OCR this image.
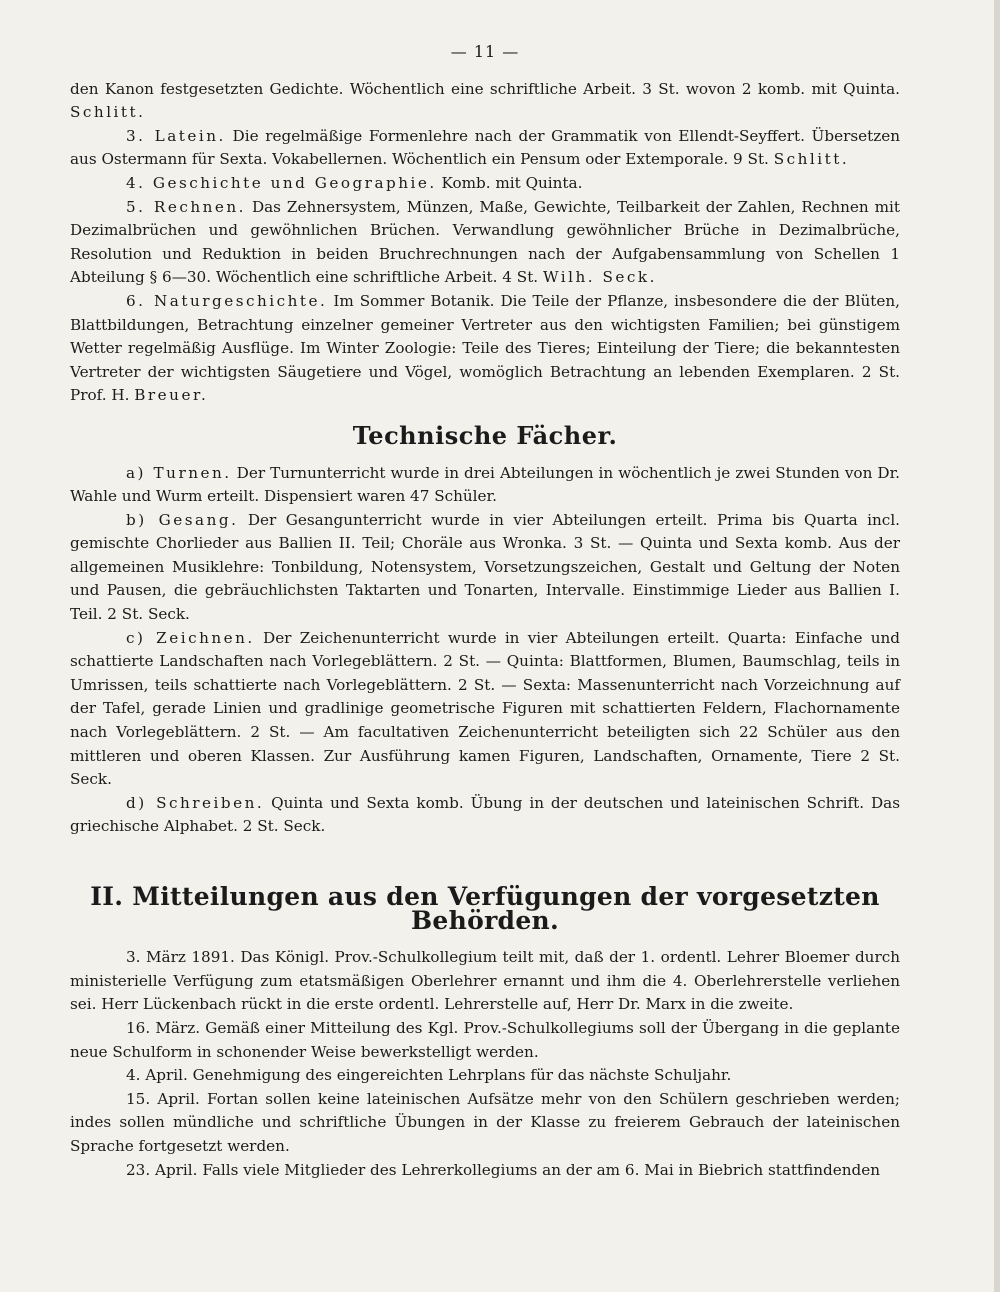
— 11 —

den Kanon festgesetzten Gedichte. Wöchentlich eine schriftliche Arbeit. 3 St. wovon 2 komb. mit Quinta. Schlitt.

3. Latein. Die regelmäßige Formenlehre nach der Grammatik von Ellendt-Seyffert. Übersetzen aus Ostermann für Sexta. Vokabellernen. Wöchentlich ein Pensum oder Extemporale. 9 St. Schlitt.

4. Geschichte und Geographie. Komb. mit Quinta.

5. Rechnen. Das Zehnersystem, Münzen, Maße, Gewichte, Teilbarkeit der Zahlen, Rechnen mit Dezimalbrüchen und gewöhnlichen Brüchen. Verwandlung gewöhnlicher Brüche in Dezimalbrüche, Resolution und Reduktion in beiden Bruchrechnungen nach der Aufgabensammlung von Schellen 1 Abteilung § 6—30. Wöchentlich eine schriftliche Arbeit. 4 St. Wilh. Seck.

6. Naturgeschichte. Im Sommer Botanik. Die Teile der Pflanze, insbesondere die der Blüten, Blattbildungen, Betrachtung einzelner gemeiner Vertreter aus den wichtigsten Familien; bei günstigem Wetter regelmäßig Ausflüge. Im Winter Zoologie: Teile des Tieres; Einteilung der Tiere; die bekanntesten Vertreter der wichtigsten Säugetiere und Vögel, womöglich Betrachtung an lebenden Exemplaren. 2 St. Prof. H. Breuer.

Technische Fächer.

a) Turnen. Der Turnunterricht wurde in drei Abteilungen in wöchentlich je zwei Stunden von Dr. Wahle und Wurm erteilt. Dispensiert waren 47 Schüler.

b) Gesang. Der Gesangunterricht wurde in vier Abteilungen erteilt. Prima bis Quarta incl. gemischte Chorlieder aus Ballien II. Teil; Choräle aus Wronka. 3 St. — Quinta und Sexta komb. Aus der allgemeinen Musiklehre: Tonbildung, Notensystem, Vorsetzungszeichen, Gestalt und Geltung der Noten und Pausen, die gebräuchlichsten Taktarten und Tonarten, Intervalle. Einstimmige Lieder aus Ballien I. Teil. 2 St. Seck.

c) Zeichnen. Der Zeichenunterricht wurde in vier Abteilungen erteilt. Quarta: Einfache und schattierte Landschaften nach Vorlegeblättern. 2 St. — Quinta: Blattformen, Blumen, Baumschlag, teils in Umrissen, teils schattierte nach Vorlegeblättern. 2 St. — Sexta: Massenunterricht nach Vorzeichnung auf der Tafel, gerade Linien und gradlinige geometrische Figuren mit schattierten Feldern, Flachornamente nach Vorlegeblättern. 2 St. — Am facultativen Zeichenunterricht beteiligten sich 22 Schüler aus den mittleren und oberen Klassen. Zur Ausführung kamen Figuren, Landschaften, Ornamente, Tiere 2 St. Seck.

d) Schreiben. Quinta und Sexta komb. Übung in der deutschen und lateinischen Schrift. Das griechische Alphabet. 2 St. Seck.

II. Mitteilungen aus den Verfügungen der vorgesetzten Behörden.

3. März 1891. Das Königl. Prov.-Schulkollegium teilt mit, daß der 1. ordentl. Lehrer Bloemer durch ministerielle Verfügung zum etatsmäßigen Oberlehrer ernannt und ihm die 4. Oberlehrerstelle verliehen sei. Herr Lückenbach rückt in die erste ordentl. Lehrerstelle auf, Herr Dr. Marx in die zweite.

16. März. Gemäß einer Mitteilung des Kgl. Prov.-Schulkollegiums soll der Übergang in die geplante neue Schulform in schonender Weise bewerkstelligt werden.

4. April. Genehmigung des eingereichten Lehrplans für das nächste Schuljahr.

15. April. Fortan sollen keine lateinischen Aufsätze mehr von den Schülern geschrieben werden; indes sollen mündliche und schriftliche Übungen in der Klasse zu freierem Gebrauch der lateinischen Sprache fortgesetzt werden.

23. April. Falls viele Mitglieder des Lehrerkollegiums an der am 6. Mai in Biebrich stattfindenden
